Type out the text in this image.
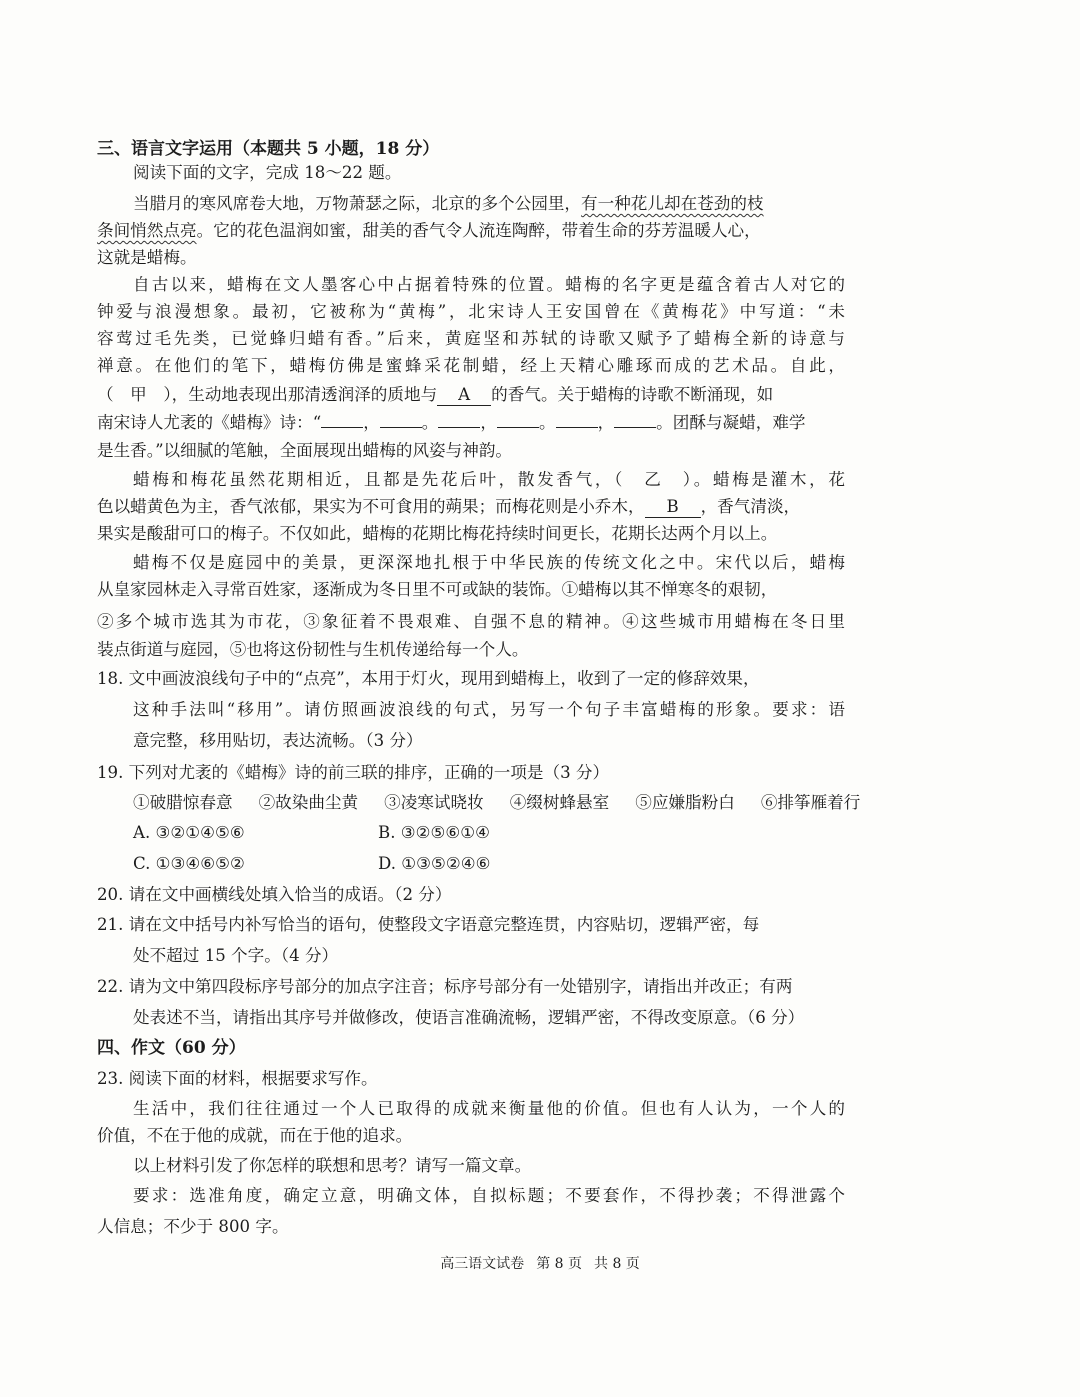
三、语言文字运用（本题共 5 小题，18 分）
阅读下面的文字，完成 18～22 题。
当腊月的寒风席卷大地，万物萧瑟之际，北京的多个公园里，有一种花儿却在苍劲的枝
条间悄然点亮。它的花色温润如蜜，甜美的香气令人流连陶醉，带着生命的芬芳温暖人心，
这就是蜡梅。
自古以来，蜡梅在文人墨客心中占据着特殊的位置。蜡梅的名字更是蕴含着古人对它的
钟爱与浪漫想象。最初，它被称为“黄梅”，北宋诗人王安国曾在《黄梅花》中写道：“未
容莺过毛先类，已觉蜂归蜡有香。”后来，黄庭坚和苏轼的诗歌又赋予了蜡梅全新的诗意与
禅意。在他们的笔下，蜡梅仿佛是蜜蜂采花制蜡，经上天精心雕琢而成的艺术品。自此，
（　甲　），生动地表现出那清透润泽的质地与 A 的香气。关于蜡梅的诗歌不断涌现，如
南宋诗人尤袤的《蜡梅》诗：“	，	。	，	。	，	。团酥与凝蜡，难学
是生香。”以细腻的笔触，全面展现出蜡梅的风姿与神韵。
蜡梅和梅花虽然花期相近，且都是先花后叶，散发香气，（　乙　）。蜡梅是灌木，花
色以蜡黄色为主，香气浓郁，果实为不可食用的蒴果；而梅花则是小乔木， B ，香气清淡，
果实是酸甜可口的梅子。不仅如此，蜡梅的花期比梅花持续时间更长，花期长达两个月以上。
蜡梅不仅是庭园中的美景，更深深地扎根于中华民族的传统文化之中。宋代以后，蜡梅
从皇家园林走入寻常百姓家，逐渐成为冬日里不可或缺的装饰。①蜡梅以其不惮寒冬的艰韧，
②多个城市选其为市花，③象征着不畏艰难、自强不息的精神。④这些城市用蜡梅在冬日里
装点街道与庭园，⑤也将这份韧性与生机传递给每一个人。
18. 文中画波浪线句子中的“点亮”，本用于灯火，现用到蜡梅上，收到了一定的修辞效果，
这种手法叫“移用”。请仿照画波浪线的句式，另写一个句子丰富蜡梅的形象。要求：语
意完整，移用贴切，表达流畅。（3 分）
19. 下列对尤袤的《蜡梅》诗的前三联的排序，正确的一项是（3 分）
①破腊惊春意 ②故染曲尘黄 ③凌寒试晓妆 ④缀树蜂悬室 ⑤应嫌脂粉白 ⑥排筝雁着行
A. ③②①④⑤⑥	B. ③②⑤⑥①④
C. ①③④⑥⑤②	D. ①③⑤②④⑥
20. 请在文中画横线处填入恰当的成语。（2 分）
21. 请在文中括号内补写恰当的语句，使整段文字语意完整连贯，内容贴切，逻辑严密，每
处不超过 15 个字。（4 分）
22. 请为文中第四段标序号部分的加点字注音；标序号部分有一处错别字，请指出并改正；有两
处表述不当，请指出其序号并做修改，使语言准确流畅，逻辑严密，不得改变原意。（6 分）
四、作文（60 分）
23. 阅读下面的材料，根据要求写作。
生活中，我们往往通过一个人已取得的成就来衡量他的价值。但也有人认为，一个人的
价值，不在于他的成就，而在于他的追求。
以上材料引发了你怎样的联想和思考？请写一篇文章。
要求：选准角度，确定立意，明确文体，自拟标题；不要套作，不得抄袭；不得泄露个
人信息；不少于 800 字。
高三语文试卷 第 8 页 共 8 页
